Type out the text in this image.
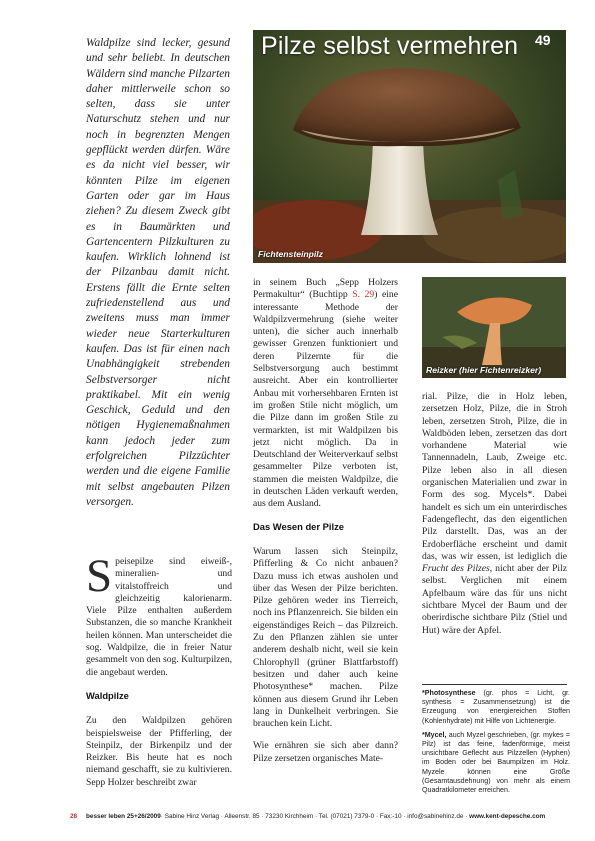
Waldpilze sind lecker, gesund und sehr beliebt. In deutschen Wäldern sind manche Pilzarten daher mittlerweile schon so selten, dass sie unter Naturschutz stehen und nur noch in begrenzten Mengen gepflückt werden dürfen. Wäre es da nicht viel besser, wir könnten Pilze im eigenen Garten oder gar im Haus ziehen? Zu diesem Zweck gibt es in Baumärkten und Gartencentern Pilzkulturen zu kaufen. Wirklich lohnend ist der Pilzanbau damit nicht. Erstens fällt die Ernte selten zufriedenstellend aus und zweitens muss man immer wieder neue Starterkulturen kaufen. Das ist für einen nach Unabhängigkeit strebenden Selbstversorger nicht praktikabel. Mit ein wenig Geschick, Geduld und den nötigen Hygienemaßnahmen kann jedoch jeder zum erfolgreichen Pilzzüchter werden und die eigene Familie mit selbst angebauten Pilzen versorgen.

Speisepilze sind eiweiß-, mineralien- und vitalstoffreich und gleichzeitig kalorienarm. Viele Pilze enthalten außerdem Substanzen, die so manche Krankheit heilen können. Man unterscheidet die sog. Waldpilze, die in freier Natur gesammelt von den sog. Kulturpilzen, die angebaut werden.

Waldpilze

Zu den Waldpilzen gehören beispielsweise der Pfifferling, der Steinpilz, der Birkenpilz und der Reizker. Bis heute hat es noch niemand geschafft, sie zu kultivieren. Sepp Holzer beschreibt zwar

Pilze selbst vermehren 49
Fichtensteinpilz

in seinem Buch „Sepp Holzers Permakultur“ (Buchtipp S. 29) eine interessante Methode der Waldpilzvermehrung (siehe weiter unten), die sicher auch innerhalb gewisser Grenzen funktioniert und deren Pilzernte für die Selbstversorgung auch bestimmt ausreicht. Aber ein kontrollierter Anbau mit vorhersehbaren Ernten ist im großen Stile nicht möglich, um die Pilze dann im großen Stile zu vermarkten, ist mit Waldpilzen bis jetzt nicht möglich. Da in Deutschland der Weiterverkauf selbst gesammelter Pilze verboten ist, stammen die meisten Waldpilze, die in deutschen Läden verkauft werden, aus dem Ausland.

Das Wesen der Pilze

Warum lassen sich Steinpilz, Pfifferling & Co nicht anbauen? Dazu muss ich etwas ausholen und über das Wesen der Pilze berichten. Pilze gehören weder ins Tierreich, noch ins Pflanzenreich. Sie bilden ein eigenständiges Reich – das Pilzreich. Zu den Pflanzen zählen sie unter anderem deshalb nicht, weil sie kein Chlorophyll (grüner Blattfarbstoff) besitzen und daher auch keine Photosynthese* machen. Pilze können aus diesem Grund ihr Leben lang in Dunkelheit verbringen. Sie brauchen kein Licht.

Wie ernähren sie sich aber dann? Pilze zersetzen organisches Mate-

Reizker (hier Fichtenreizker)

rial. Pilze, die in Holz leben, zersetzen Holz, Pilze, die in Stroh leben, zersetzen Stroh, Pilze, die in Waldböden leben, zersetzen das dort vorhandene Material wie Tannennadeln, Laub, Zweige etc. Pilze leben also in all diesen organischen Materialien und zwar in Form des sog. Mycels*. Dabei handelt es sich um ein unterirdisches Fadengeflecht, das den eigentlichen Pilz darstellt. Das, was an der Erdoberfläche erscheint und damit das, was wir essen, ist lediglich die Frucht des Pilzes, nicht aber der Pilz selbst. Verglichen mit einem Apfelbaum wäre das für uns nicht sichtbare Mycel der Baum und der oberirdische sichtbare Pilz (Stiel und Hut) wäre der Apfel.

*Photosynthese (gr. phos = Licht, gr. synthesis = Zusammensetzung) ist die Erzeugung von energiereichen Stoffen (Kohlenhydrate) mit Hilfe von Lichtenergie.

*Mycel, auch Myzel geschrieben, (gr. mykes = Pilz) ist das feine, fadenförmige, meist unsichtbare Geflecht aus Pilzzellen (Hyphen) im Boden oder bei Baumpilzen im Holz. Myzele können eine Größe (Gesamtausdehnung) von mehr als einem Quadratkilometer erreichen.

28 besser leben 25+26/2009· Sabine Hinz Verlag · Alleenstr. 85 · 73230 Kirchheim · Tel. (07021) 7379-0 · Fax:-10 · info@sabinehinz.de · www.kent-depesche.com
